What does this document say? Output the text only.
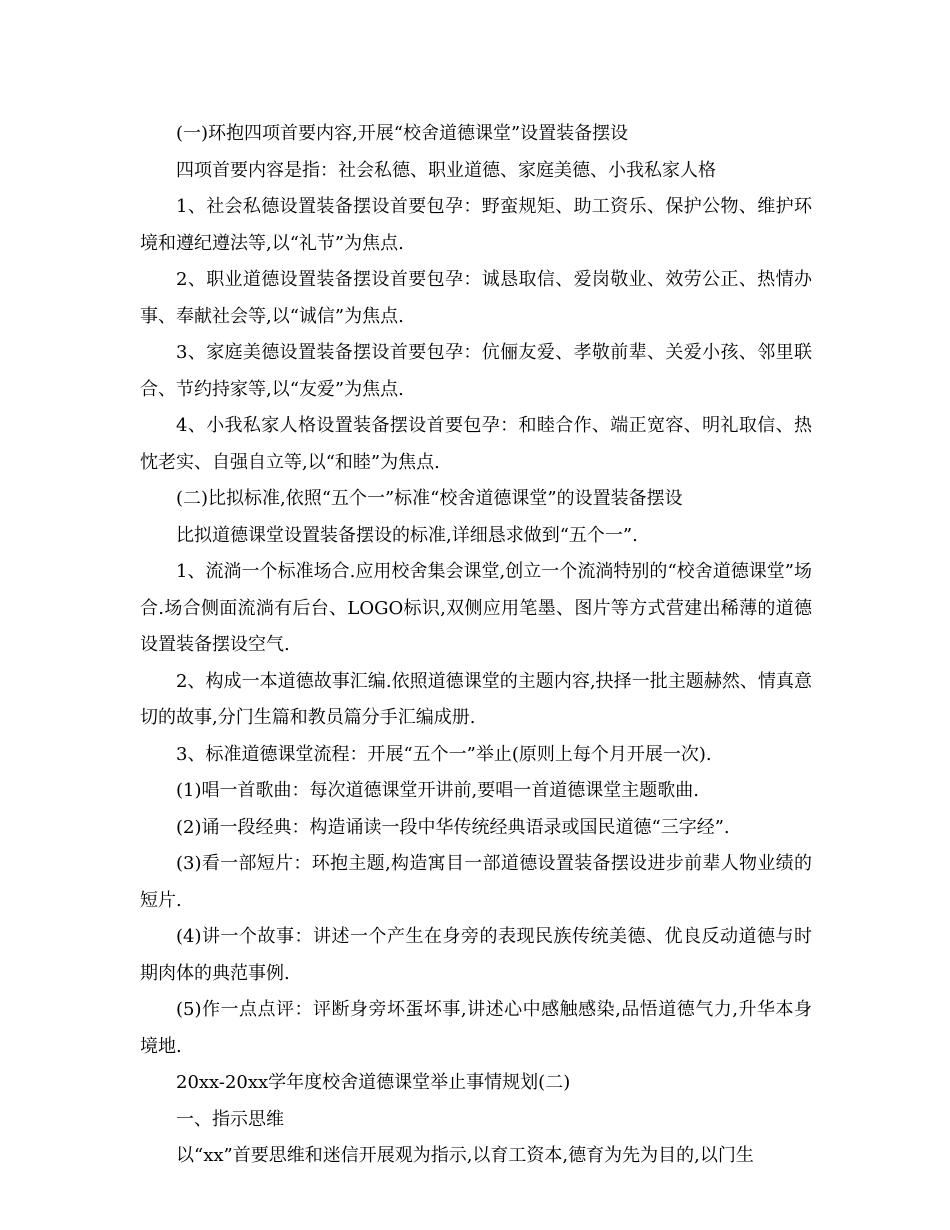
(一)环抱四项首要内容,开展“校舍道德课堂”设置装备摆设

四项首要内容是指：社会私德、职业道德、家庭美德、小我私家人格

1、社会私德设置装备摆设首要包孕：野蛮规矩、助工资乐、保护公物、维护环境和遵纪遵法等,以“礼节”为焦点.

2、职业道德设置装备摆设首要包孕：诚恳取信、爱岗敬业、效劳公正、热情办事、奉献社会等,以“诚信”为焦点.

3、家庭美德设置装备摆设首要包孕：伉俪友爱、孝敬前辈、关爱小孩、邻里联合、节约持家等,以“友爱”为焦点.

4、小我私家人格设置装备摆设首要包孕：和睦合作、端正宽容、明礼取信、热忱老实、自强自立等,以“和睦”为焦点.

(二)比拟标准,依照“五个一”标准“校舍道德课堂”的设置装备摆设

比拟道德课堂设置装备摆设的标准,详细恳求做到“五个一”.

1、流淌一个标准场合.应用校舍集会课堂,创立一个流淌特别的“校舍道德课堂”场合.场合侧面流淌有后台、LOGO标识,双侧应用笔墨、图片等方式营建出稀薄的道德设置装备摆设空气.

2、构成一本道德故事汇编.依照道德课堂的主题内容,抉择一批主题赫然、情真意切的故事,分门生篇和教员篇分手汇编成册.

3、标准道德课堂流程：开展“五个一”举止(原则上每个月开展一次).

(1)唱一首歌曲：每次道德课堂开讲前,要唱一首道德课堂主题歌曲.

(2)诵一段经典：构造诵读一段中华传统经典语录或国民道德“三字经”.

(3)看一部短片：环抱主题,构造寓目一部道德设置装备摆设进步前辈人物业绩的短片.

(4)讲一个故事：讲述一个产生在身旁的表现民族传统美德、优良反动道德与时期肉体的典范事例.

(5)作一点点评：评断身旁坏蛋坏事,讲述心中感触感染,品悟道德气力,升华本身境地.

20xx-20xx学年度校舍道德课堂举止事情规划(二)

一、指示思维

以“xx”首要思维和迷信开展观为指示,以育工资本,德育为先为目的,以门生
